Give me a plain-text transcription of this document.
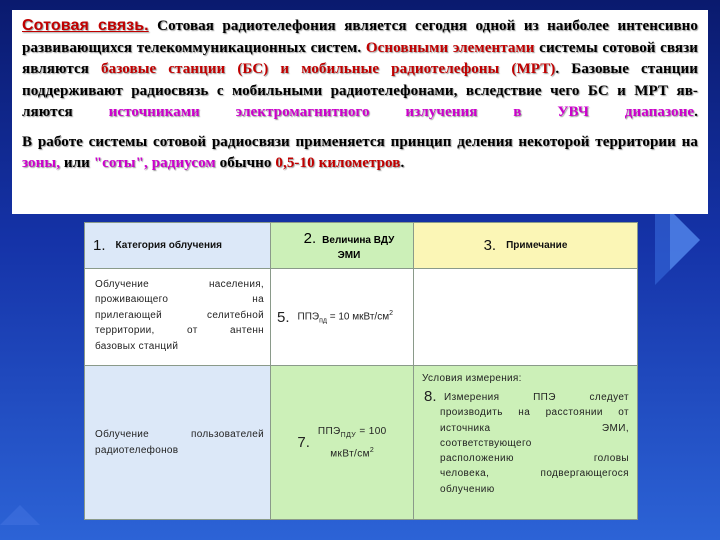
Сотовая связь. Сотовая радиотелефония является сегодня одной из наиболее интенсивно развивающихся телекоммуникационных систем. Основными элементами системы сотовой связи являются базовые станции (БС) и мобильные радиотелефоны (МРТ). Базовые станции поддерживают радиосвязь с мобильными радиотелефонами, вследствие чего БС и МРТ яв-ляются источниками электромагнитного излучения в УВЧ диапазоне.

В работе системы сотовой радиосвязи применяется принцип деления некоторой территории на зоны, или "соты", радиусом обычно 0,5-10 километров.

1. Категория облучения	2. Величина ВДУ
ЭМИ
3. Примечание
Облучение населения,
проживающего на
прилегающей селитебной
территории, от антенн
базовых станций
5. $ППЭ_{пд} = 10$ мкВт/$см^2$
Облучение пользователей
радиотелефонов	7.
$ППЭ_{ПДУ} = 100$
мкВт/$см^2$
Условия измерения:
8. Измерения ППЭ следует
производить на расстоянии от
источника ЭМИ,
соответствующего
расположению головы
человека, подвергающегося
облучению
